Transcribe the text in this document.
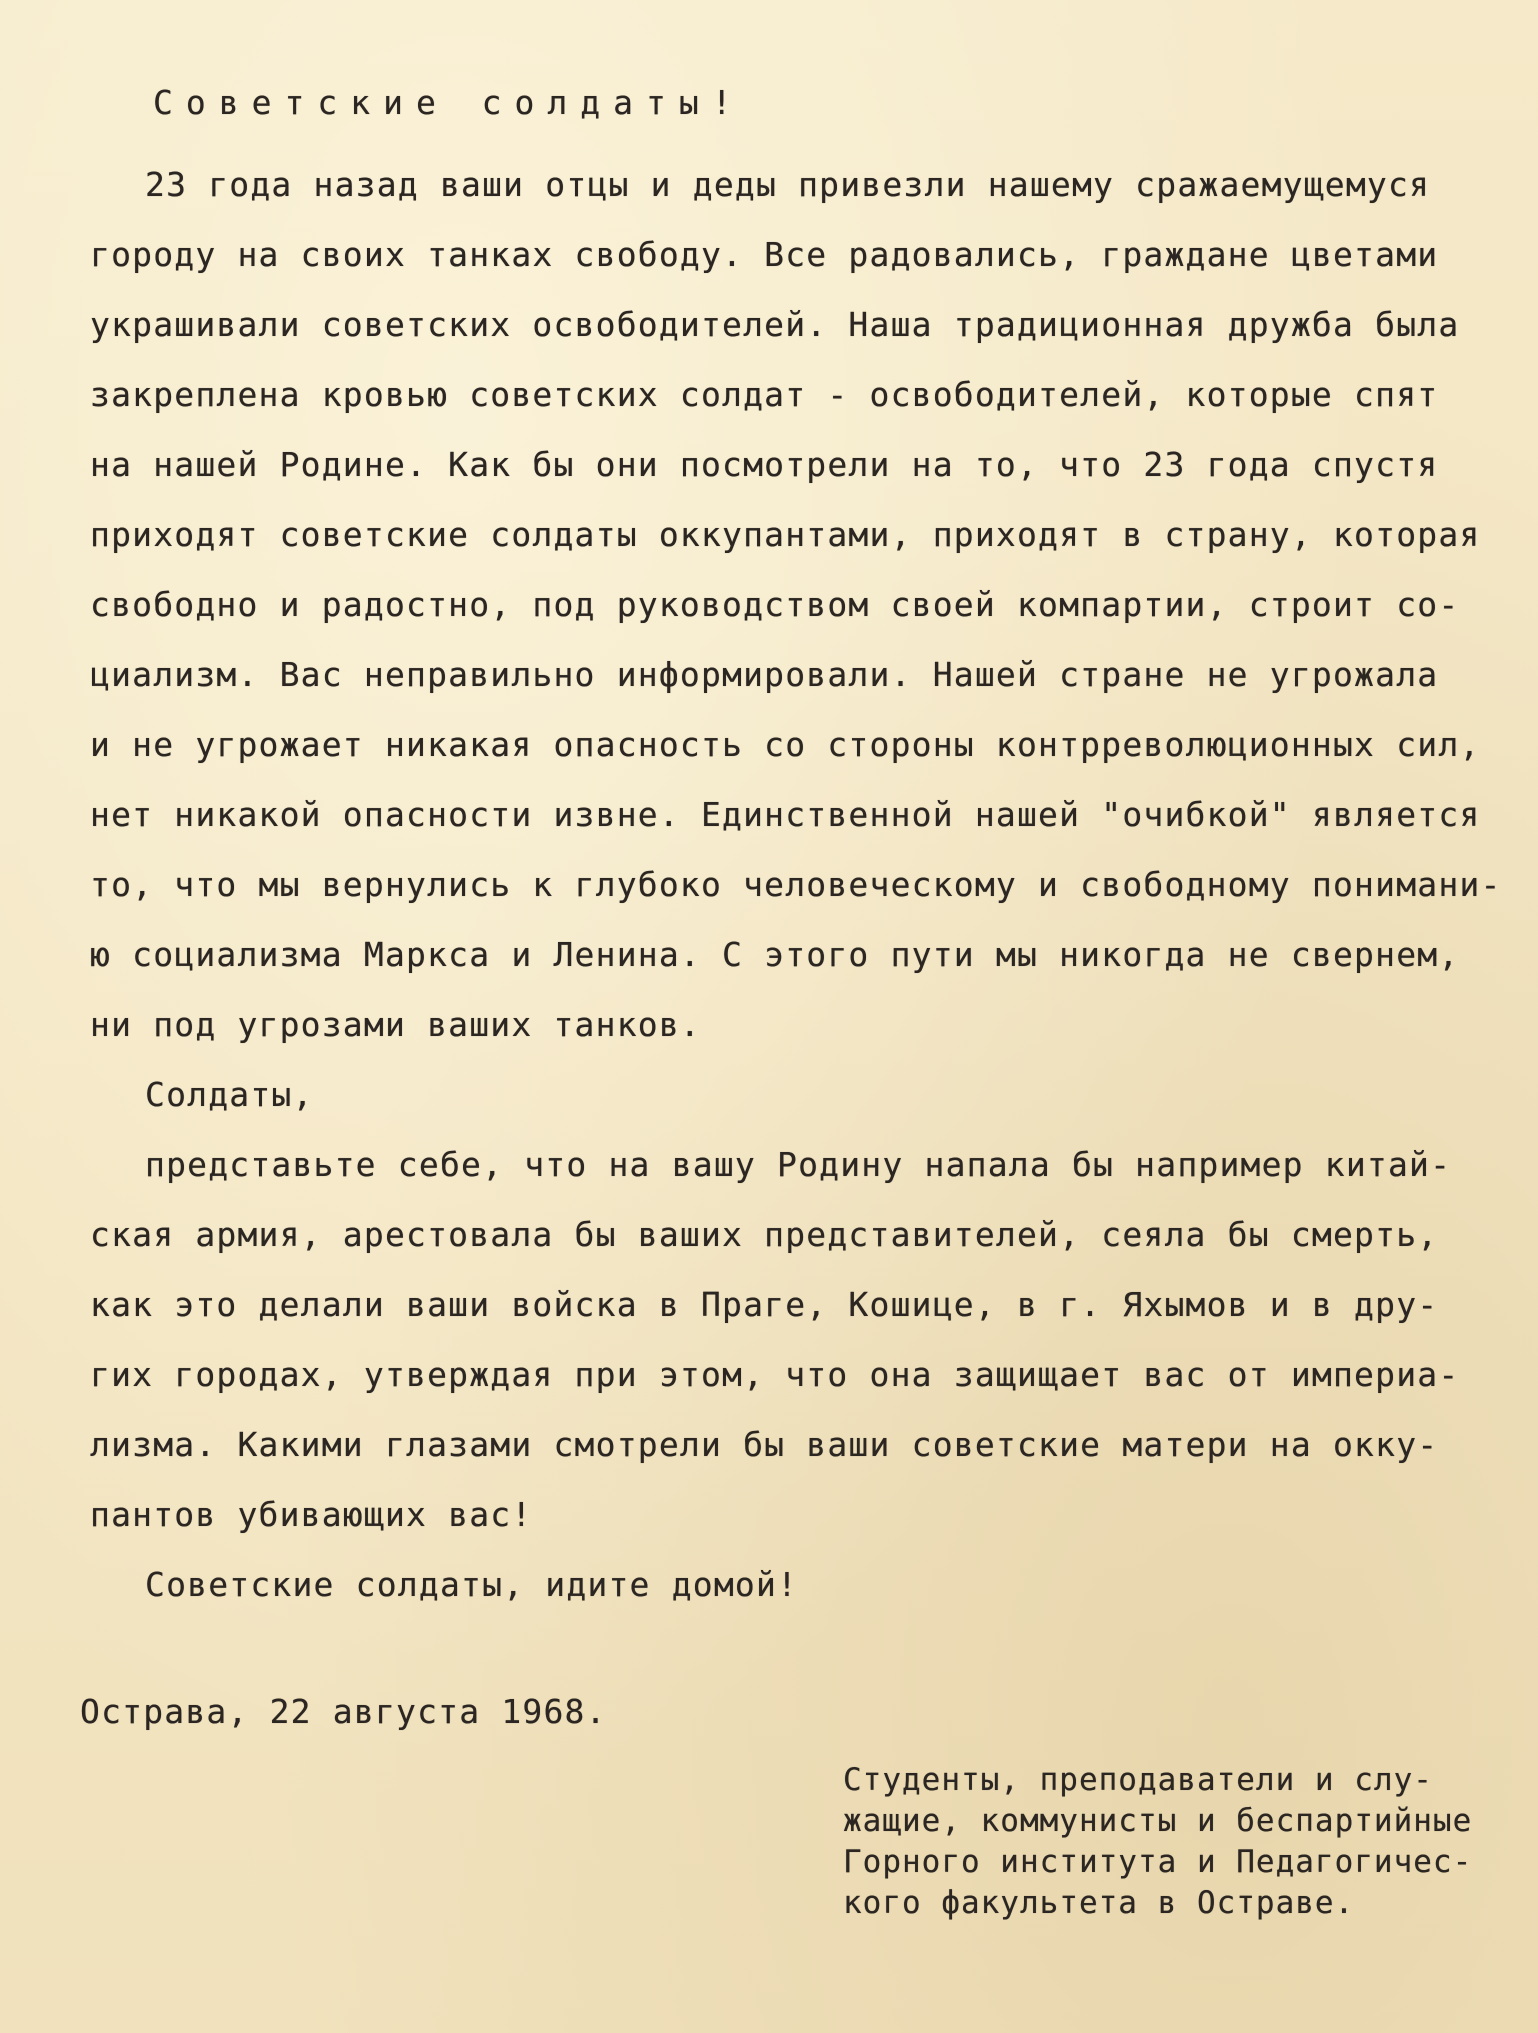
Советские солдаты!
23 года назад ваши отцы и деды привезли нашему сражаемущемуся
городу на своих танках свободу. Все радовались, граждане цветами
украшивали советских освободителей. Наша традиционная дружба была
закреплена кровью советских солдат - освободителей, которые спят
на нашей Родине. Как бы они посмотрели на то, что 23 года спустя
приходят советские солдаты оккупантами, приходят в страну, которая
свободно и радостно, под руководством своей компартии, строит со-
циализм. Вас неправильно информировали. Нашей стране не угрожала
и не угрожает никакая опасность со стороны контрреволюционных сил,
нет никакой опасности извне. Единственной нашей "очибкой" является
то, что мы вернулись к глубоко человеческому и свободному понимани-
ю социализма Маркса и Ленина. С этого пути мы никогда не свернем,
ни под угрозами ваших танков.
Солдаты,
представьте себе, что на вашу Родину напала бы например китай-
ская армия, арестовала бы ваших представителей, сеяла бы смерть,
как это делали ваши войска в Праге, Кошице, в г. Яхымов и в дру-
гих городах, утверждая при этом, что она защищает вас от империа-
лизма. Какими глазами смотрели бы ваши советские матери на окку-
пантов убивающих вас!
Советские солдаты, идите домой!
Острава, 22 августа 1968.
Студенты, преподаватели и слу-
жащие, коммунисты и беспартийные
Горного института и Педагогичес-
кого факультета в Остраве.
